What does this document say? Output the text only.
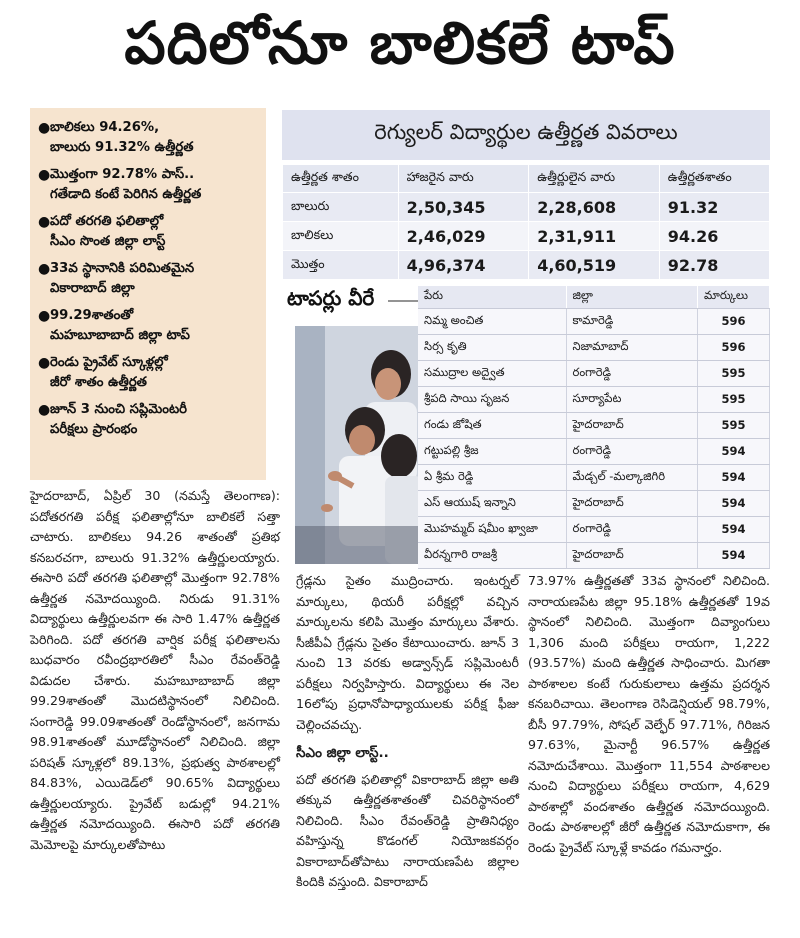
పదిలోనూ బాలికలే టాప్
● బాలికలు 94.26%,
బాలురు 91.32% ఉత్తీర్ణత
● మొత్తంగా 92.78% పాస్..
గతేడాది కంటే పెరిగిన ఉత్తీర్ణత
● పదో తరగతి ఫలితాల్లో
సీఎం సొంత జిల్లా లాస్ట్
● 33వ స్థానానికి పరిమితమైన
వికారాబాద్ జిల్లా
● 99.29శాతంతో
మహబూబాబాద్ జిల్లా టాప్
● రెండు ప్రైవేట్ స్కూళ్లల్లో
జీరో శాతం ఉత్తీర్ణత
● జూన్ 3 నుంచి సప్లిమెంటరీ
పరీక్షలు ప్రారంభం
రెగ్యులర్ విద్యార్థుల ఉత్తీర్ణత వివరాలు
ఉత్తీర్ణత శాతం	హాజరైన వారు	ఉత్తీర్ణులైన వారు	ఉత్తీర్ణతశాతం
బాలురు	2,50,345	2,28,608	91.32
బాలికలు	2,46,029	2,31,911	94.26
మొత్తం	4,96,374	4,60,519	92.78
టాపర్లు వీరే	పేరు	జిల్లా	మార్కులు
నిమ్మ అంచిత	కామారెడ్డి	596
సిర్స కృతి	నిజామాబాద్	596
సముద్రాల అద్వైత	రంగారెడ్డి	595
శ్రీపది సాయి సృజన	సూర్యాపేట	595
గండు జోషిత	హైదరాబాద్	595
గట్టుపల్లి శ్రీజ	రంగారెడ్డి	594
ఏ శ్రీమ రెడ్డి	మేడ్చల్ -మల్కాజిగిరి	594
ఎస్ ఆయుష్ ఇన్నాని	హైదరాబాద్	594
మొహమ్మద్ షమీం ఖ్వాజా	రంగారెడ్డి	594
వీరన్నగారి రాజశ్రీ	హైదరాబాద్	594

హైదరాబాద్, ఏప్రిల్ 30 (నమస్తే తెలంగాణ): పదోతరగతి పరీక్ష ఫలితాల్లోనూ బాలికలే సత్తా చాటారు. బాలికలు 94.26 శాతంతో ప్రతిభ కనబరచగా, బాలురు 91.32% ఉత్తీర్ణులయ్యారు. ఈసారి పదో తరగతి ఫలితాల్లో మొత్తంగా 92.78% ఉత్తీర్ణత నమోదయ్యింది. నిరుడు 91.31% విద్యార్థులు ఉత్తీర్ణులవగా ఈ సారి 1.47% ఉత్తీర్ణత పెరిగింది. పదో తరగతి వార్షిక పరీక్ష ఫలితాలను బుధవారం రవీంద్రభారతిలో సీఎం రేవంత్‌రెడ్డి విడుదల చేశారు. మహబూబాబాద్ జిల్లా 99.29శాతంతో మొదటిస్థానంలో నిలిచింది. సంగారెడ్డి 99.09శాతంతో రెండోస్థానంలో, జనగామ 98.91శాతంతో మూడోస్థానంలో నిలిచింది. జిల్లా పరిషత్ స్కూళ్లలో 89.13%, ప్రభుత్వ పాఠశాలల్లో 84.83%, ఎయిడెడ్‌లో 90.65% విద్యార్థులు ఉత్తీర్ణులయ్యారు. ప్రైవేట్ బడుల్లో 94.21% ఉత్తీర్ణత నమోదయ్యింది. ఈసారి పదో తరగతి మెమోలపై మార్కులతోపాటు

గ్రేడ్లను సైతం ముద్రించారు. ఇంటర్నల్ మార్కులు, థియరీ పరీక్షల్లో వచ్చిన మార్కులను కలిపి మొత్తం మార్కులు వేశారు. సీజీపీఏ గ్రేడ్లను సైతం కేటాయించారు. జూన్ 3 నుంచి 13 వరకు అడ్వాన్స్‌డ్ సప్లిమెంటరీ పరీక్షలు నిర్వహిస్తారు. విద్యార్థులు ఈ నెల 16లోపు ప్రధానోపాధ్యాయులకు పరీక్ష ఫీజు చెల్లించవచ్చు.

సీఎం జిల్లా లాస్ట్..

పదో తరగతి ఫలితాల్లో వికారాబాద్ జిల్లా అతి తక్కువ ఉత్తీర్ణతశాతంతో చివరిస్థానంలో నిలిచింది. సీఎం రేవంత్‌రెడ్డి ప్రాతినిధ్యం వహిస్తున్న కొడంగల్ నియోజకవర్గం వికారాబాద్‌తోపాటు నారాయణపేట జిల్లాల కిందికి వస్తుంది. వికారాబాద్

73.97% ఉత్తీర్ణతతో 33వ స్థానంలో నిలిచింది. నారాయణపేట జిల్లా 95.18% ఉత్తీర్ణతతో 19వ స్థానంలో నిలిచింది. మొత్తంగా దివ్యాంగులు 1,306 మంది పరీక్షలు రాయగా, 1,222 (93.57%) మంది ఉత్తీర్ణత సాధించారు. మిగతా పాఠశాలల కంటే గురుకులాలు ఉత్తమ ప్రదర్శన కనబరిచాయి. తెలంగాణ రెసిడెన్షియల్ 98.79%, బీసీ 97.79%, సోషల్ వెల్ఫేర్ 97.71%, గిరిజన 97.63%, మైనార్టీ 96.57% ఉత్తీర్ణత నమోదుచేశాయి. మొత్తంగా 11,554 పాఠశాలల నుంచి విద్యార్థులు పరీక్షలు రాయగా, 4,629 పాఠశాల్లో వందశాతం ఉత్తీర్ణత నమోదయ్యింది. రెండు పాఠశాలల్లో జీరో ఉత్తీర్ణత నమోదుకాగా, ఈ రెండు ప్రైవేట్ స్కూళ్లే కావడం గమనార్హం.
